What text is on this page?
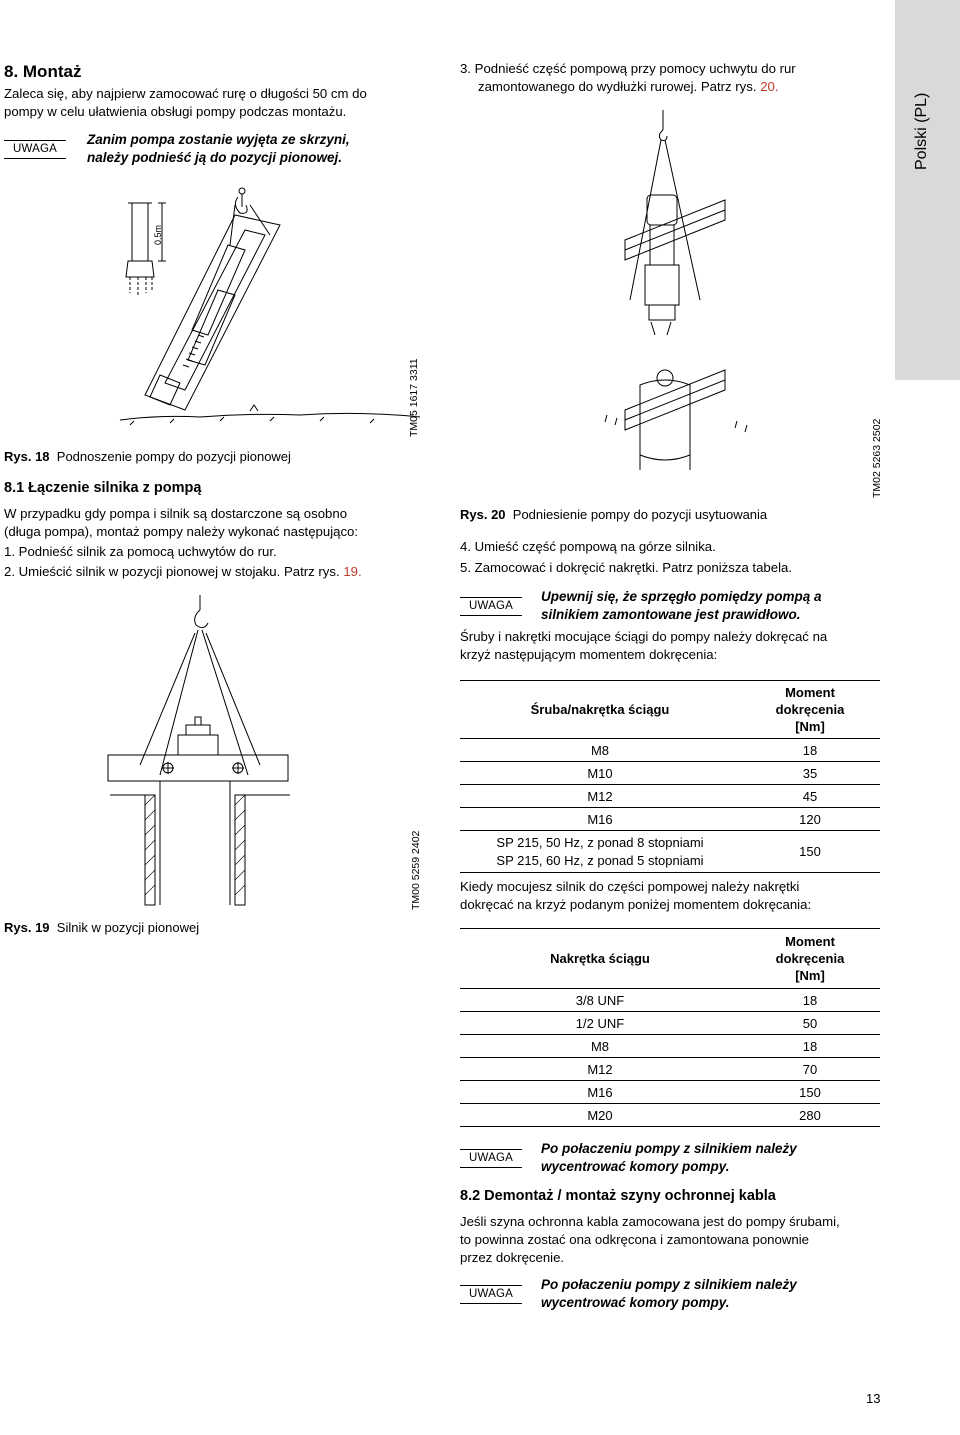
Polski (PL)
8. Montaż
Zaleca się, aby najpierw zamocować rurę o długości 50 cm do
pompy w celu ułatwienia obsługi pompy podczas montażu.
UWAGA
Zanim pompa zostanie wyjęta ze skrzyni,
należy podnieść ją do pozycji pionowej.
TM05 1617 3311
0.5m
Rys. 18 Podnoszenie pompy do pozycji pionowej
8.1 Łączenie silnika z pompą
W przypadku gdy pompa i silnik są dostarczone są osobno
(długa pompa), montaż pompy należy wykonać następująco:
1. Podnieść silnik za pomocą uchwytów do rur.
2. Umieścić silnik w pozycji pionowej w stojaku. Patrz rys. 19.
TM00 5259 2402
Rys. 19 Silnik w pozycji pionowej
3. Podnieść część pompową przy pomocy uchwytu do rur
zamontowanego do wydłużki rurowej. Patrz rys. 20.
TM02 5263 2502
Rys. 20 Podniesienie pompy do pozycji usytuowania
4. Umieść część pompową na górze silnika.
5. Zamocować i dokręcić nakrętki. Patrz poniższa tabela.
UWAGA
Upewnij się, że sprzęgło pomiędzy pompą a
silnikiem zamontowane jest prawidłowo.
Śruby i nakrętki mocujące ściągi do pompy należy dokręcać na
krzyż następującym momentem dokręcenia:
Śruba/nakrętka ściągu	Moment
dokręcenia
[Nm]

M8	18
M10	35
M12	45
M16	120

SP 215, 50 Hz, z ponad 8 stopniami
SP 215, 60 Hz, z ponad 5 stopniami	150
Kiedy mocujesz silnik do części pompowej należy nakrętki
dokręcać na krzyż podanym poniżej momentem dokręcania:
Nakrętka ściągu	Moment
dokręcenia
[Nm]

3/8 UNF	18
1/2 UNF	50
M8	18
M12	70
M16	150
M20	280
UWAGA
Po połaczeniu pompy z silnikiem należy
wycentrować komory pompy.
8.2 Demontaż / montaż szyny ochronnej kabla
Jeśli szyna ochronna kabla zamocowana jest do pompy śrubami,
to powinna zostać ona odkręcona i zamontowana ponownie
przez dokręcenie.
UWAGA
Po połaczeniu pompy z silnikiem należy
wycentrować komory pompy.
13
